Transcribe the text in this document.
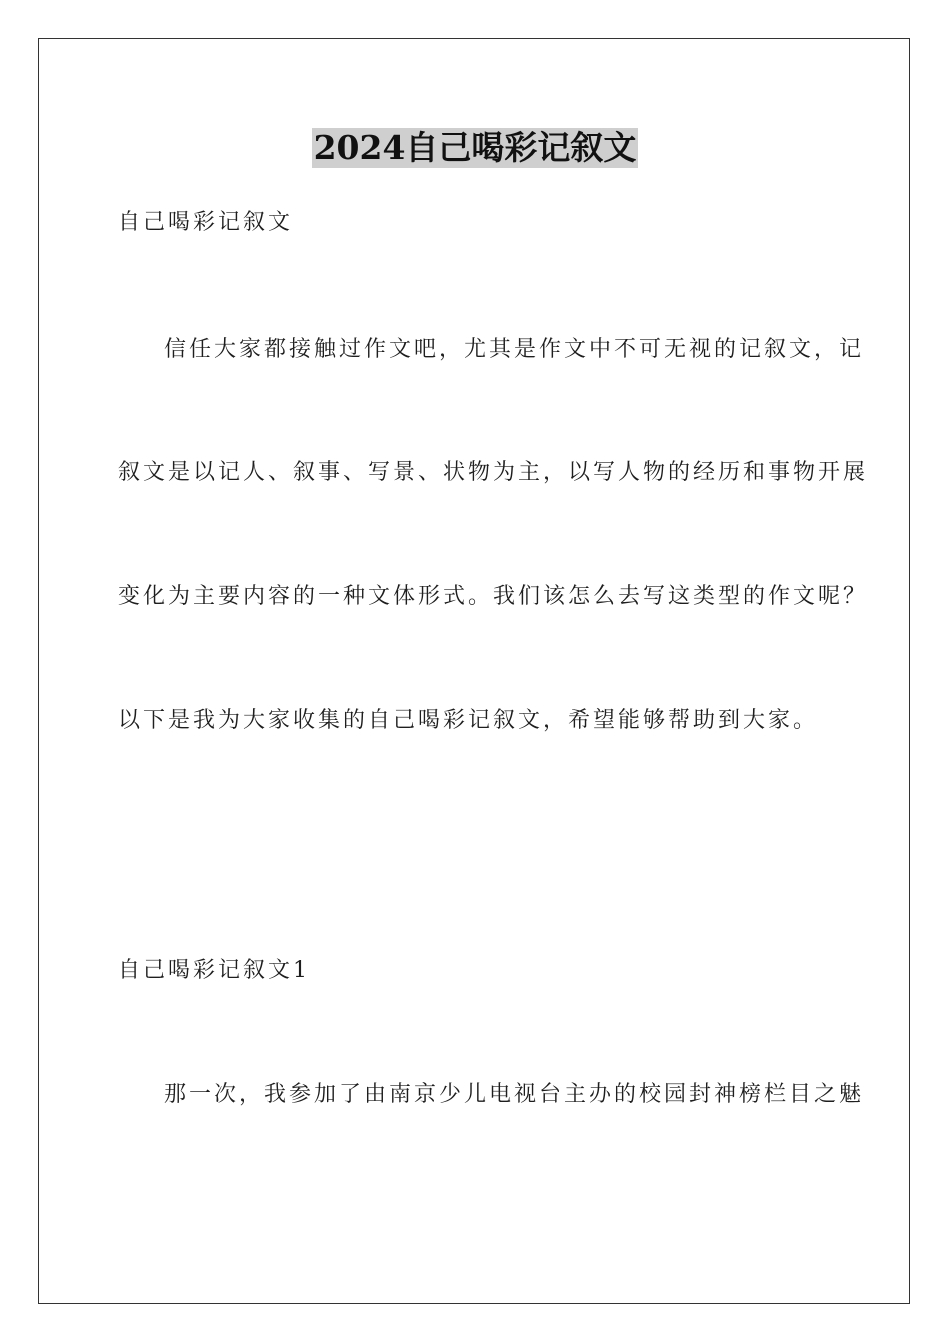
2024自己喝彩记叙文
自己喝彩记叙文
信任大家都接触过作文吧，尤其是作文中不可无视的记叙文，记
叙文是以记人、叙事、写景、状物为主，以写人物的经历和事物开展
变化为主要内容的一种文体形式。我们该怎么去写这类型的作文呢？
以下是我为大家收集的自己喝彩记叙文，希望能够帮助到大家。
自己喝彩记叙文1
那一次，我参加了由南京少儿电视台主办的校园封神榜栏目之魅
